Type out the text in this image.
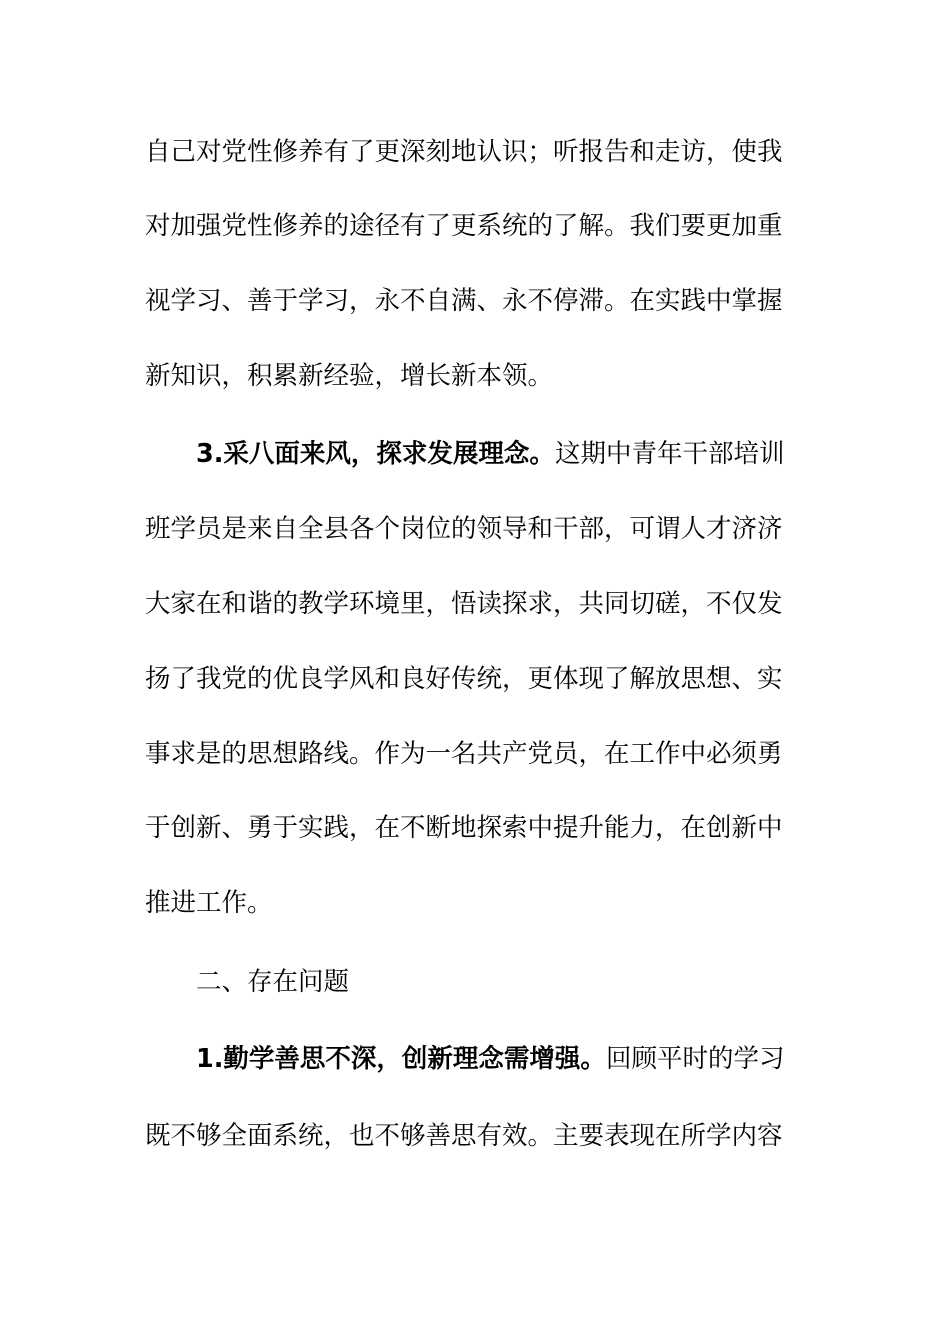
自己对党性修养有了更深刻地认识；听报告和走访，使我
对加强党性修养的途径有了更系统的了解。我们要更加重
视学习、善于学习，永不自满、永不停滞。在实践中掌握
新知识，积累新经验，增长新本领。
3.采八面来风，探求发展理念。这期中青年干部培训
班学员是来自全县各个岗位的领导和干部，可谓人才济济
大家在和谐的教学环境里，悟读探求，共同切磋，不仅发
扬了我党的优良学风和良好传统，更体现了解放思想、实
事求是的思想路线。作为一名共产党员，在工作中必须勇
于创新、勇于实践，在不断地探索中提升能力，在创新中
推进工作。
二、存在问题
1.勤学善思不深，创新理念需增强。回顾平时的学习
既不够全面系统，也不够善思有效。主要表现在所学内容
